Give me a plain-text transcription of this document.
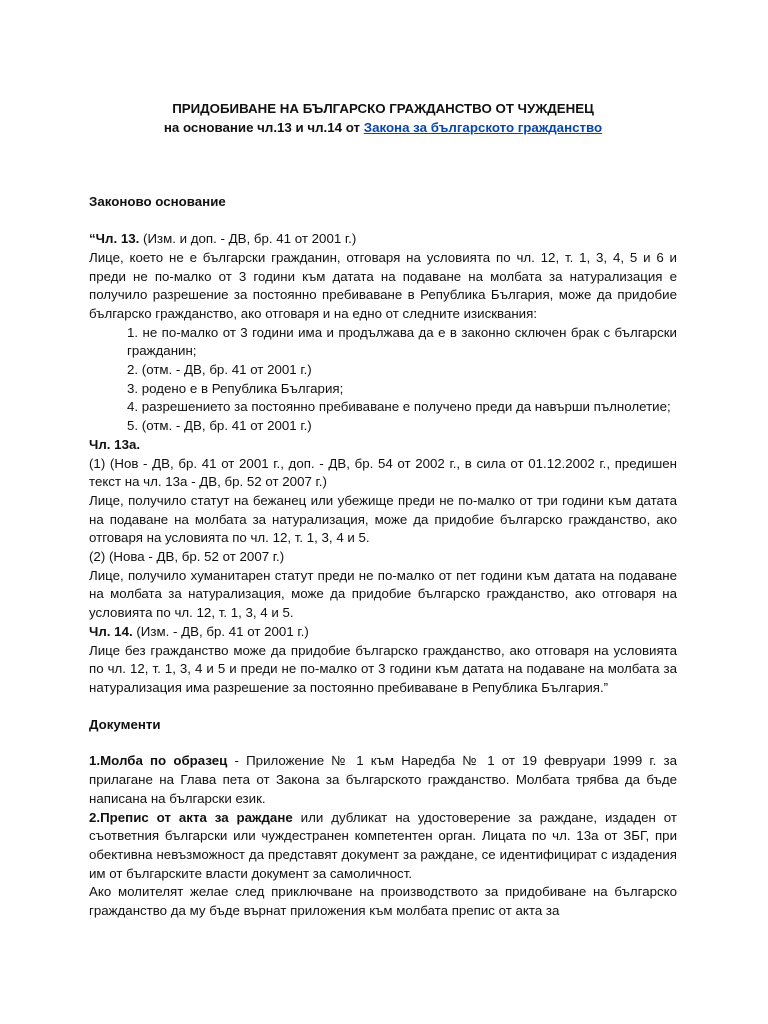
ПРИДОБИВАНЕ НА БЪЛГАРСКО ГРАЖДАНСТВО ОТ ЧУЖДЕНЕЦ

на основание чл.13 и чл.14 от Закона за българското гражданство

Законово основание

“Чл. 13. (Изм. и доп. - ДВ, бр. 41 от 2001 г.)

Лице, което не е български гражданин, отговаря на условията по чл. 12, т. 1, 3, 4, 5 и 6 и преди не по-малко от 3 години към датата на подаване на молбата за натурализация е получило разрешение за постоянно пребиваване в Република България, може да придобие българско гражданство, ако отговаря и на едно от следните изисквания:

1. не по-малко от 3 години има и продължава да е в законно сключен брак с български гражданин;

2. (отм. - ДВ, бр. 41 от 2001 г.)

3. родено е в Република България;

4. разрешението за постоянно пребиваване е получено преди да навърши пълнолетие;

5. (отм. - ДВ, бр. 41 от 2001 г.)

Чл. 13а.

(1) (Нов - ДВ, бр. 41 от 2001 г., доп. - ДВ, бр. 54 от 2002 г., в сила от 01.12.2002 г., предишен текст на чл. 13а - ДВ, бр. 52 от 2007 г.)

Лице, получило статут на бежанец или убежище преди не по-малко от три години към датата на подаване на молбата за натурализация, може да придобие българско гражданство, ако отговаря на условията по чл. 12, т. 1, 3, 4 и 5.

(2) (Нова - ДВ, бр. 52 от 2007 г.)

Лице, получило хуманитарен статут преди не по-малко от пет години към датата на подаване на молбата за натурализация, може да придобие българско гражданство, ако отговаря на условията по чл. 12, т. 1, 3, 4 и 5.

Чл. 14. (Изм. - ДВ, бр. 41 от 2001 г.)

Лице без гражданство може да придобие българско гражданство, ако отговаря на условията по чл. 12, т. 1, 3, 4 и 5 и преди не по-малко от 3 години към датата на подаване на молбата за натурализация има разрешение за постоянно пребиваване в Република България.”

Документи

1.Молба по образец - Приложение № 1 към Наредба № 1 от 19 февруари 1999 г. за прилагане на Глава пета от Закона за българското гражданство. Молбата трябва да бъде написана на български език.

2.Препис от акта за раждане или дубликат на удостоверение за раждане, издаден от съответния български или чуждестранен компетентен орган. Лицата по чл. 13а от ЗБГ, при обективна невъзможност да представят документ за раждане, се идентифицират с издадения им от българските власти документ за самоличност.

Ако молителят желае след приключване на производството за придобиване на българско гражданство да му бъде върнат приложения към молбата препис от акта за
